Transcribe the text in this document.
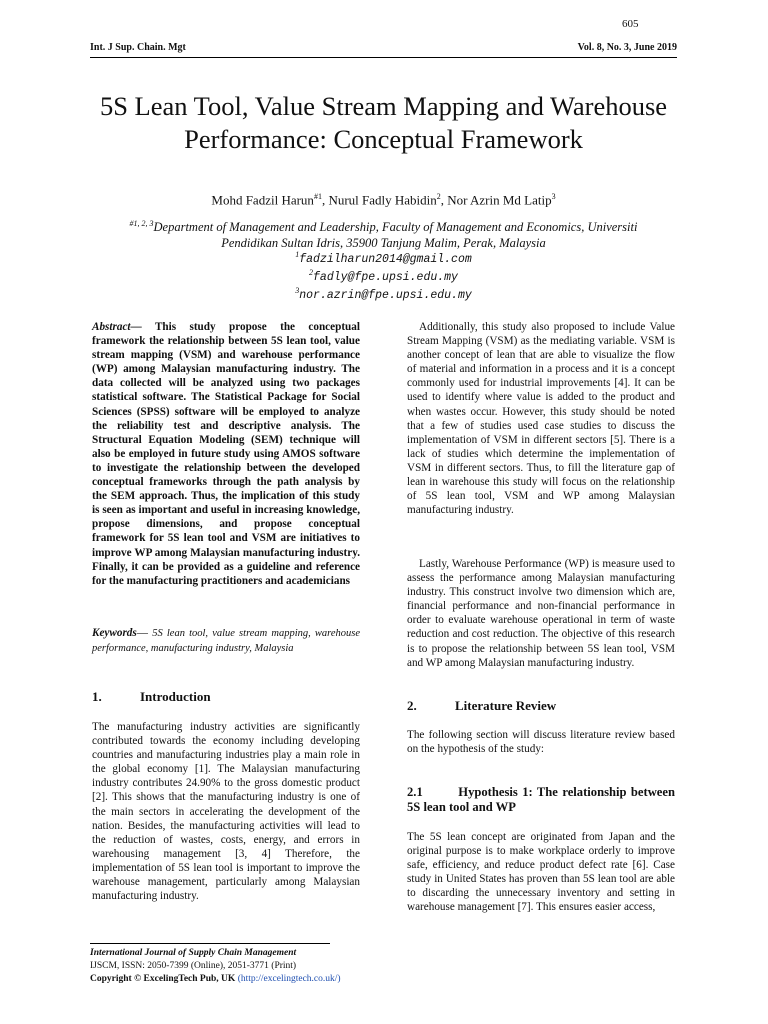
605
Int. J Sup. Chain. Mgt	Vol. 8, No. 3, June 2019
5S Lean Tool, Value Stream Mapping and Warehouse Performance: Conceptual Framework
Mohd Fadzil Harun$^{\#1}$, Nurul Fadly Habidin$^2$, Nor Azrin Md Latip$^3$
$^{\#1, 2, 3}$Department of Management and Leadership, Faculty of Management and Economics, Universiti Pendidikan Sultan Idris, 35900 Tanjung Malim, Perak, Malaysia
$^1$fadzilharun2014@gmail.com
$^2$fadly@fpe.upsi.edu.my
$^3$nor.azrin@fpe.upsi.edu.my
Abstract— This study propose the conceptual framework the relationship between 5S lean tool, value stream mapping (VSM) and warehouse performance (WP) among Malaysian manufacturing industry. The data collected will be analyzed using two packages statistical software. The Statistical Package for Social Sciences (SPSS) software will be employed to analyze the reliability test and descriptive analysis. The Structural Equation Modeling (SEM) technique will also be employed in future study using AMOS software to investigate the relationship between the developed conceptual frameworks through the path analysis by the SEM approach. Thus, the implication of this study is seen as important and useful in increasing knowledge, propose dimensions, and propose conceptual framework for 5S lean tool and VSM are initiatives to improve WP among Malaysian manufacturing industry. Finally, it can be provided as a guideline and reference for the manufacturing practitioners and academicians
Keywords— 5S lean tool, value stream mapping, warehouse performance, manufacturing industry, Malaysia
1.	Introduction
The manufacturing industry activities are significantly contributed towards the economy including developing countries and manufacturing industries play a main role in the global economy [1]. The Malaysian manufacturing industry contributes 24.90% to the gross domestic product [2]. This shows that the manufacturing industry is one of the main sectors in accelerating the development of the nation. Besides, the manufacturing activities will lead to the reduction of wastes, costs, energy, and errors in warehousing management [3, 4] Therefore, the implementation of 5S lean tool is important to improve the warehouse management, particularly among Malaysian manufacturing industry.
Additionally, this study also proposed to include Value Stream Mapping (VSM) as the mediating variable. VSM is another concept of lean that are able to visualize the flow of material and information in a process and it is a concept commonly used for industrial improvements [4]. It can be used to identify where value is added to the product and when wastes occur. However, this study should be noted that a few of studies used case studies to discuss the implementation of VSM in different sectors [5]. There is a lack of studies which determine the implementation of VSM in different sectors. Thus, to fill the literature gap of lean in warehouse this study will focus on the relationship of 5S lean tool, VSM and WP among Malaysian manufacturing industry.
Lastly, Warehouse Performance (WP) is measure used to assess the performance among Malaysian manufacturing industry. This construct involve two dimension which are, financial performance and non-financial performance in order to evaluate warehouse operational in term of waste reduction and cost reduction. The objective of this research is to propose the relationship between 5S lean tool, VSM and WP among Malaysian manufacturing industry.
2.	Literature Review
The following section will discuss literature review based on the hypothesis of the study:
2.1	Hypothesis 1: The relationship between 5S lean tool and WP
The 5S lean concept are originated from Japan and the original purpose is to make workplace orderly to improve safe, efficiency, and reduce product defect rate [6]. Case study in United States has proven than 5S lean tool are able to discarding the unnecessary inventory and setting in warehouse management [7]. This ensures easier access,
International Journal of Supply Chain Management
IJSCM, ISSN: 2050-7399 (Online), 2051-3771 (Print)
Copyright © ExcelingTech Pub, UK (http://excelingtech.co.uk/)
